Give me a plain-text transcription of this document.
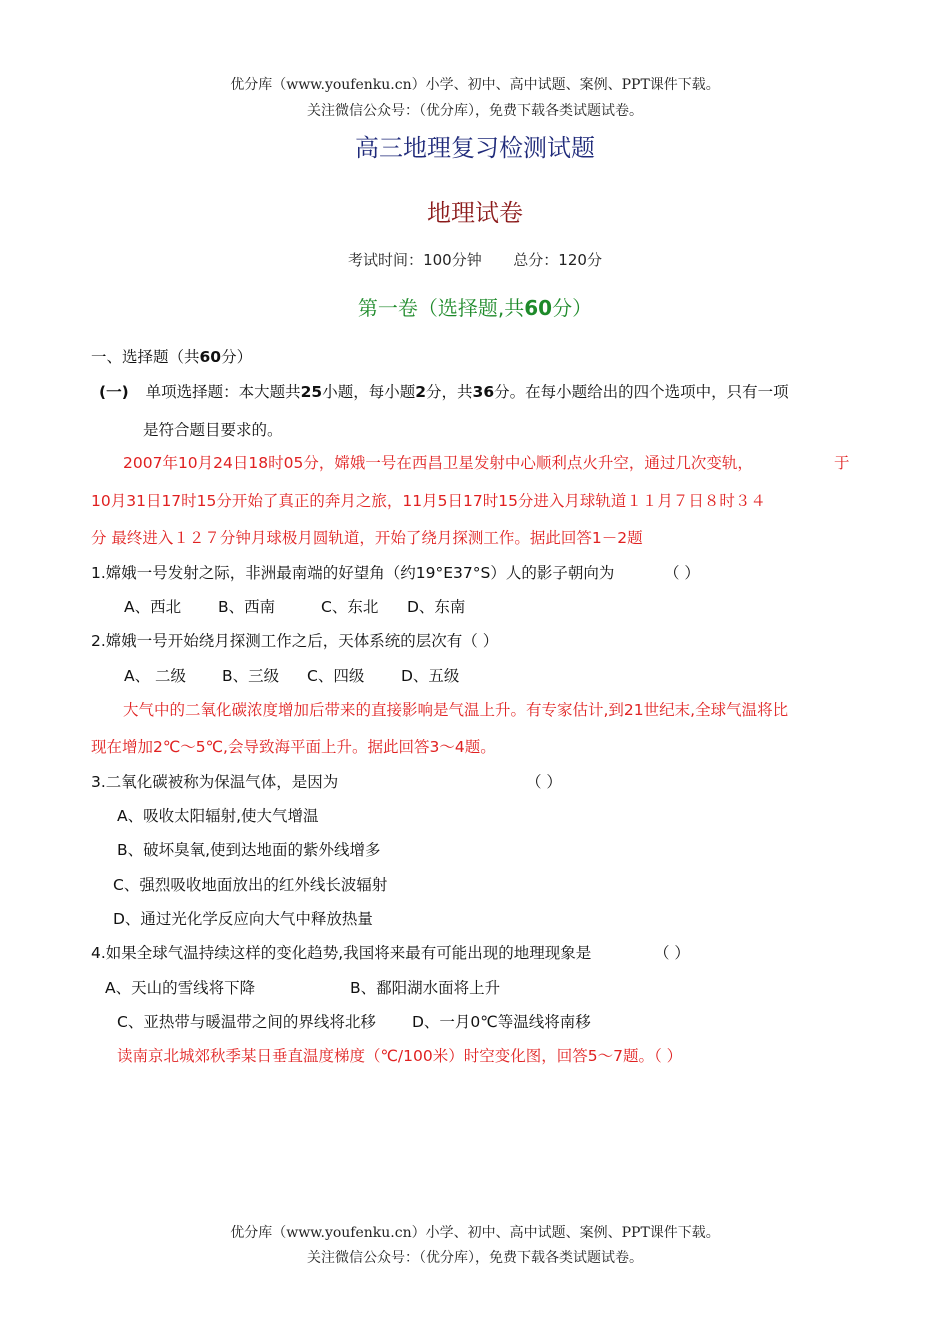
优分库（www.youfenku.cn）小学、初中、高中试题、案例、PPT课件下载。
关注微信公众号：（优分库），免费下载各类试题试卷。
高三地理复习检测试题
地理试卷
考试时间：100分钟 总分：120分
第一卷（选择题,共60分）
一、选择题（共60分）
(一) 单项选择题：本大题共25小题，每小题2分，共36分。在每小题给出的四个选项中，只有一项
是符合题目要求的。
2007年10月24日18时05分，嫦娥一号在西昌卫星发射中心顺利点火升空，通过几次变轨，	于
10月31日17时15分开始了真正的奔月之旅，11月5日17时15分进入月球轨道１１月７日８时３４
分 最终进入１２７分钟月球极月圆轨道，开始了绕月探测工作。据此回答1－2题
1.嫦娥一号发射之际，非洲最南端的好望角（约19°E37°S）人的影子朝向为	（ ）
A、西北 B、西南	C、东北 D、东南
2.嫦娥一号开始绕月探测工作之后，天体系统的层次有（ ）
A、 二级 B、三级 C、四级 D、五级
大气中的二氧化碳浓度增加后带来的直接影响是气温上升。有专家估计,到21世纪末,全球气温将比
现在增加2℃～5℃,会导致海平面上升。据此回答3～4题。
3.二氧化碳被称为保温气体，是因为	（ ）
A、吸收太阳辐射,使大气增温
B、破坏臭氧,使到达地面的紫外线增多
C、强烈吸收地面放出的红外线长波辐射
D、通过光化学反应向大气中释放热量
4.如果全球气温持续这样的变化趋势,我国将来最有可能出现的地理现象是	（ ）
A、天山的雪线将下降	B、鄱阳湖水面将上升
C、亚热带与暖温带之间的界线将北移 D、一月0℃等温线将南移
读南京北城郊秋季某日垂直温度梯度（℃/100米）时空变化图，回答5～7题。（ ）
优分库（www.youfenku.cn）小学、初中、高中试题、案例、PPT课件下载。
关注微信公众号：（优分库），免费下载各类试题试卷。
